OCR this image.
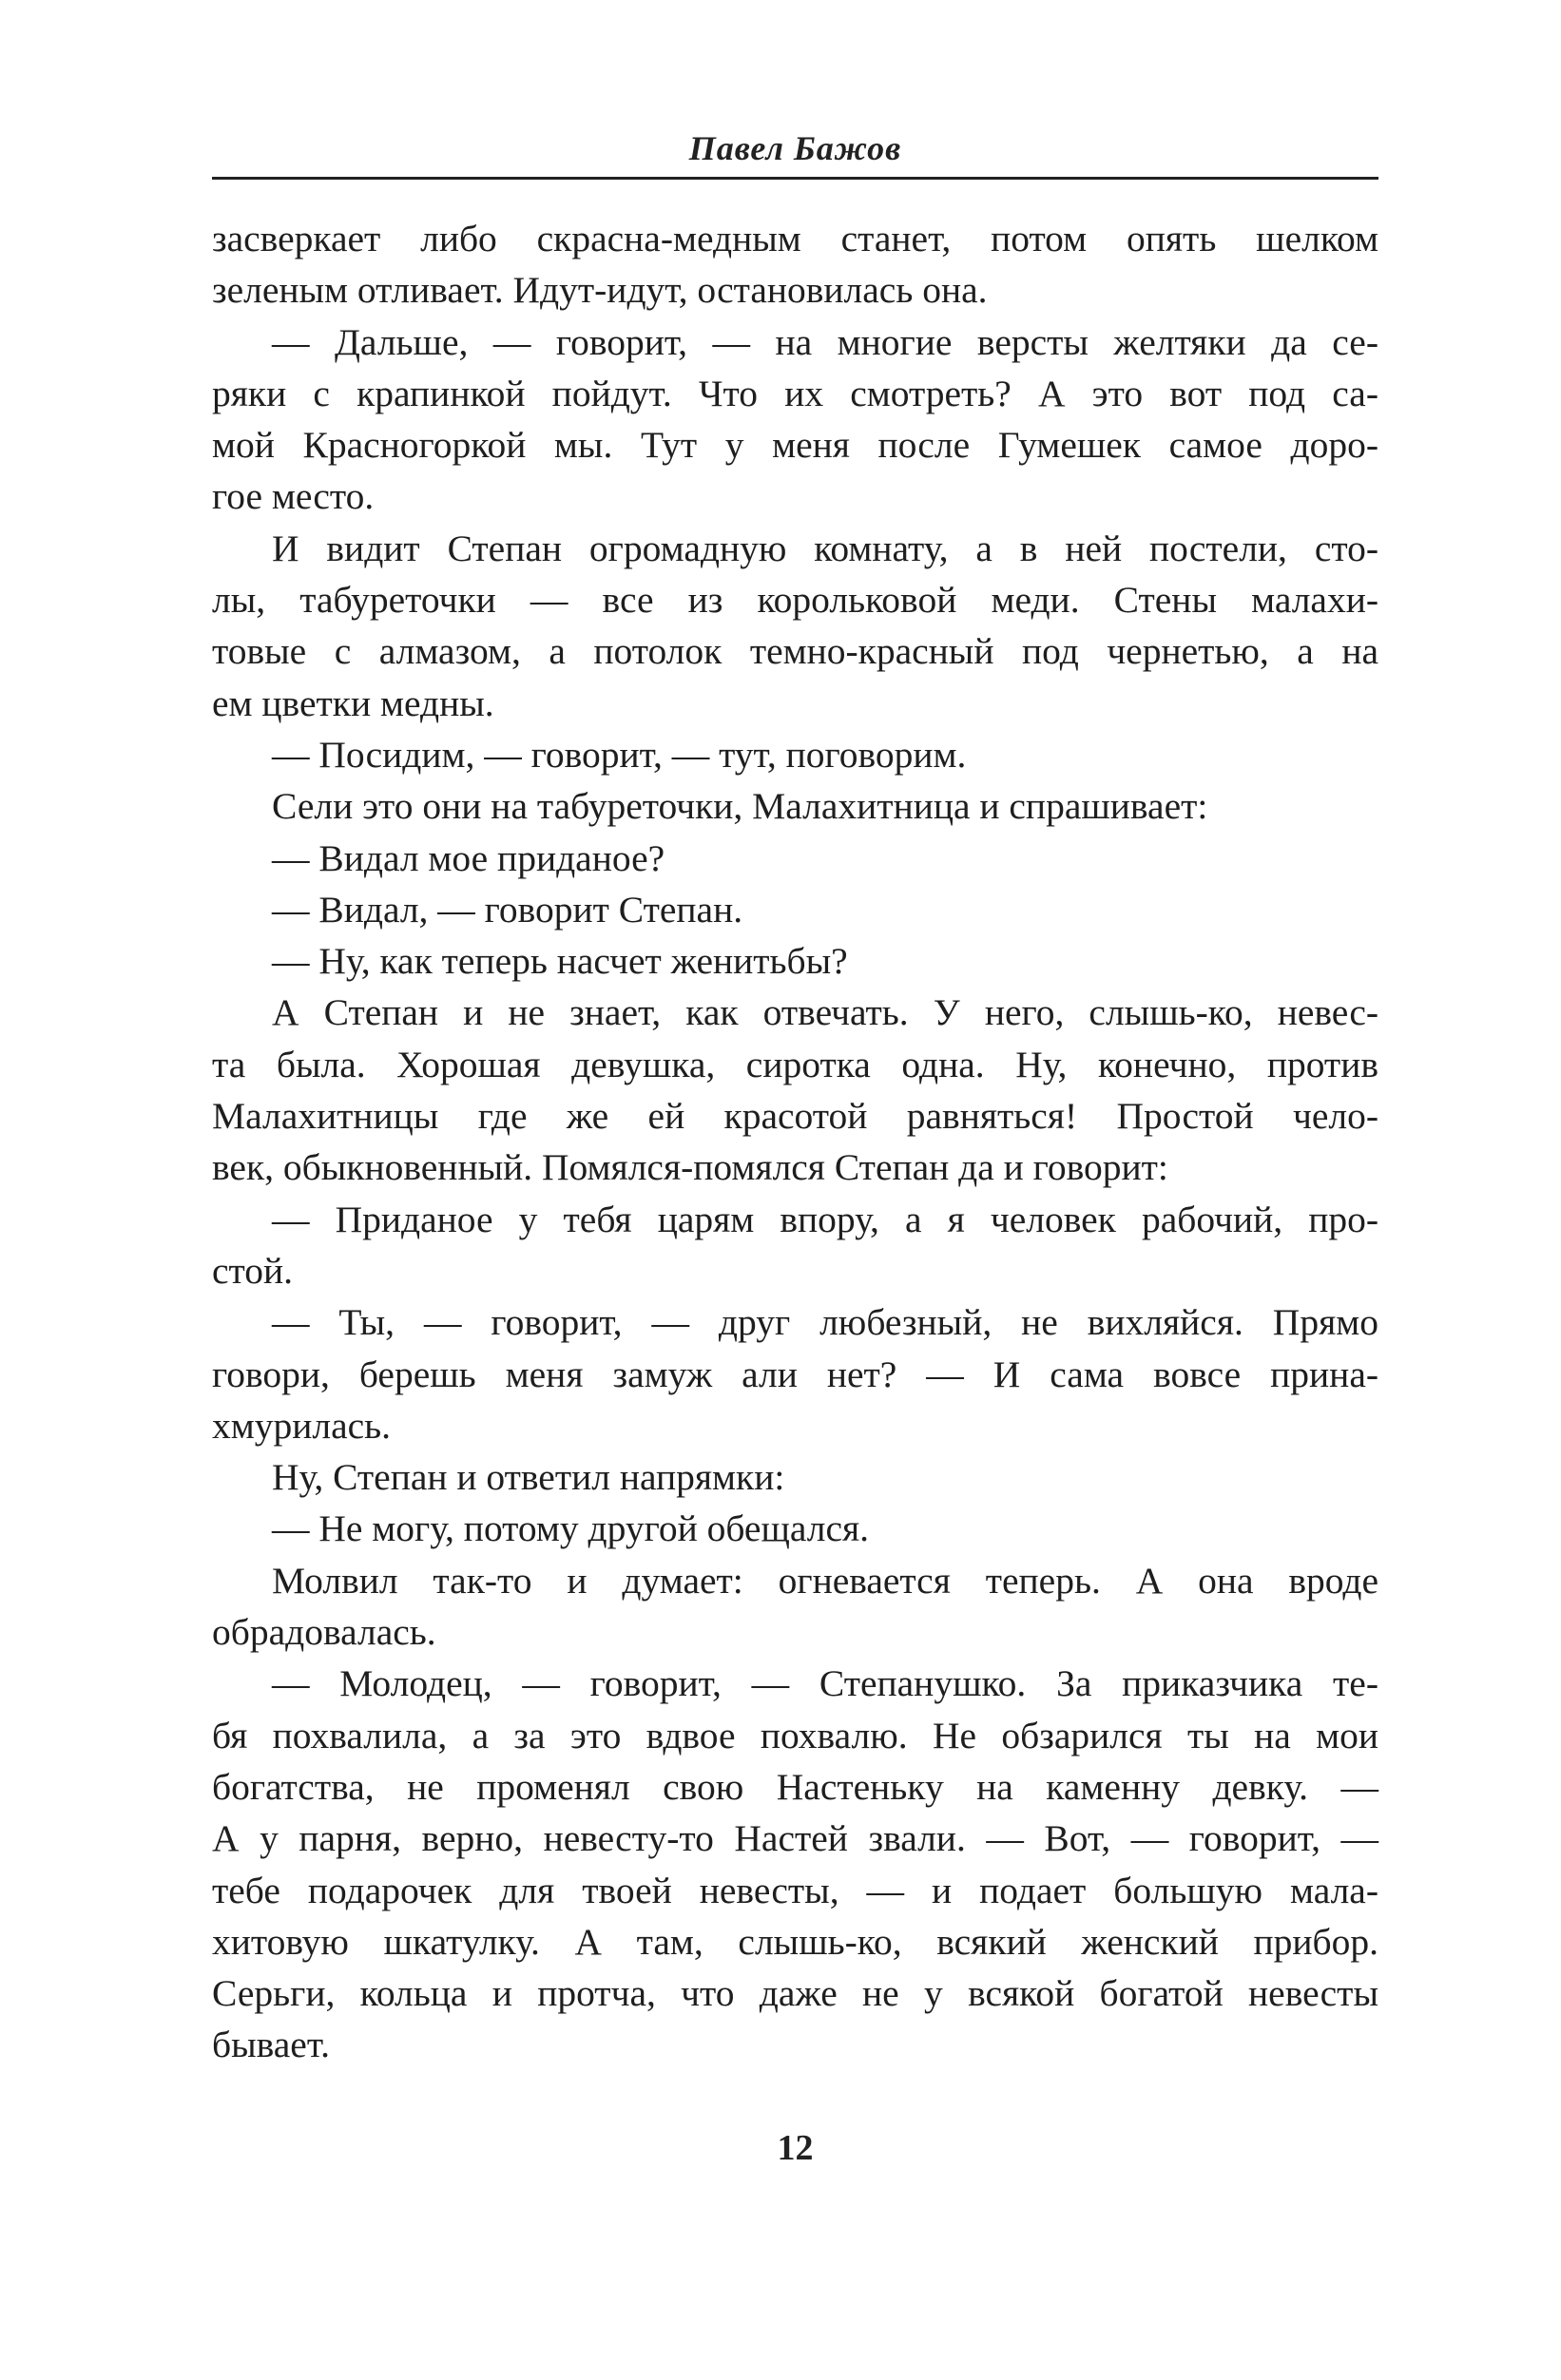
Павел Бажов
засверкает либо скрасна-медным станет, потом опять шелком
зеленым отливает. Идут-идут, остановилась она.
— Дальше, — говорит, — на многие версты желтяки да се-
ряки с крапинкой пойдут. Что их смотреть? А это вот под са-
мой Красногоркой мы. Тут у меня после Гумешек самое доро-
гое место.
И видит Степан огромадную комнату, а в ней постели, сто-
лы, табуреточки — все из корольковой меди. Стены малахи-
товые с алмазом, а потолок темно-красный под чернетью, а на
ем цветки медны.
— Посидим, — говорит, — тут, поговорим.
Сели это они на табуреточки, Малахитница и спрашивает:
— Видал мое приданое?
— Видал, — говорит Степан.
— Ну, как теперь насчет женитьбы?
А Степан и не знает, как отвечать. У него, слышь-ко, невес-
та была. Хорошая девушка, сиротка одна. Ну, конечно, против
Малахитницы где же ей красотой равняться! Простой чело-
век, обыкновенный. Помялся-помялся Степан да и говорит:
— Приданое у тебя царям впору, а я человек рабочий, про-
стой.
— Ты, — говорит, — друг любезный, не вихляйся. Прямо
говори, берешь меня замуж али нет? — И сама вовсе прина-
хмурилась.
Ну, Степан и ответил напрямки:
— Не могу, потому другой обещался.
Молвил так-то и думает: огневается теперь. А она вроде
обрадовалась.
— Молодец, — говорит, — Степанушко. За приказчика те-
бя похвалила, а за это вдвое похвалю. Не обзарился ты на мои
богатства, не променял свою Настеньку на каменну девку. —
А у парня, верно, невесту-то Настей звали. — Вот, — говорит, —
тебе подарочек для твоей невесты, — и подает большую мала-
хитовую шкатулку. А там, слышь-ко, всякий женский прибор.
Серьги, кольца и протча, что даже не у всякой богатой невесты
бывает.
12
